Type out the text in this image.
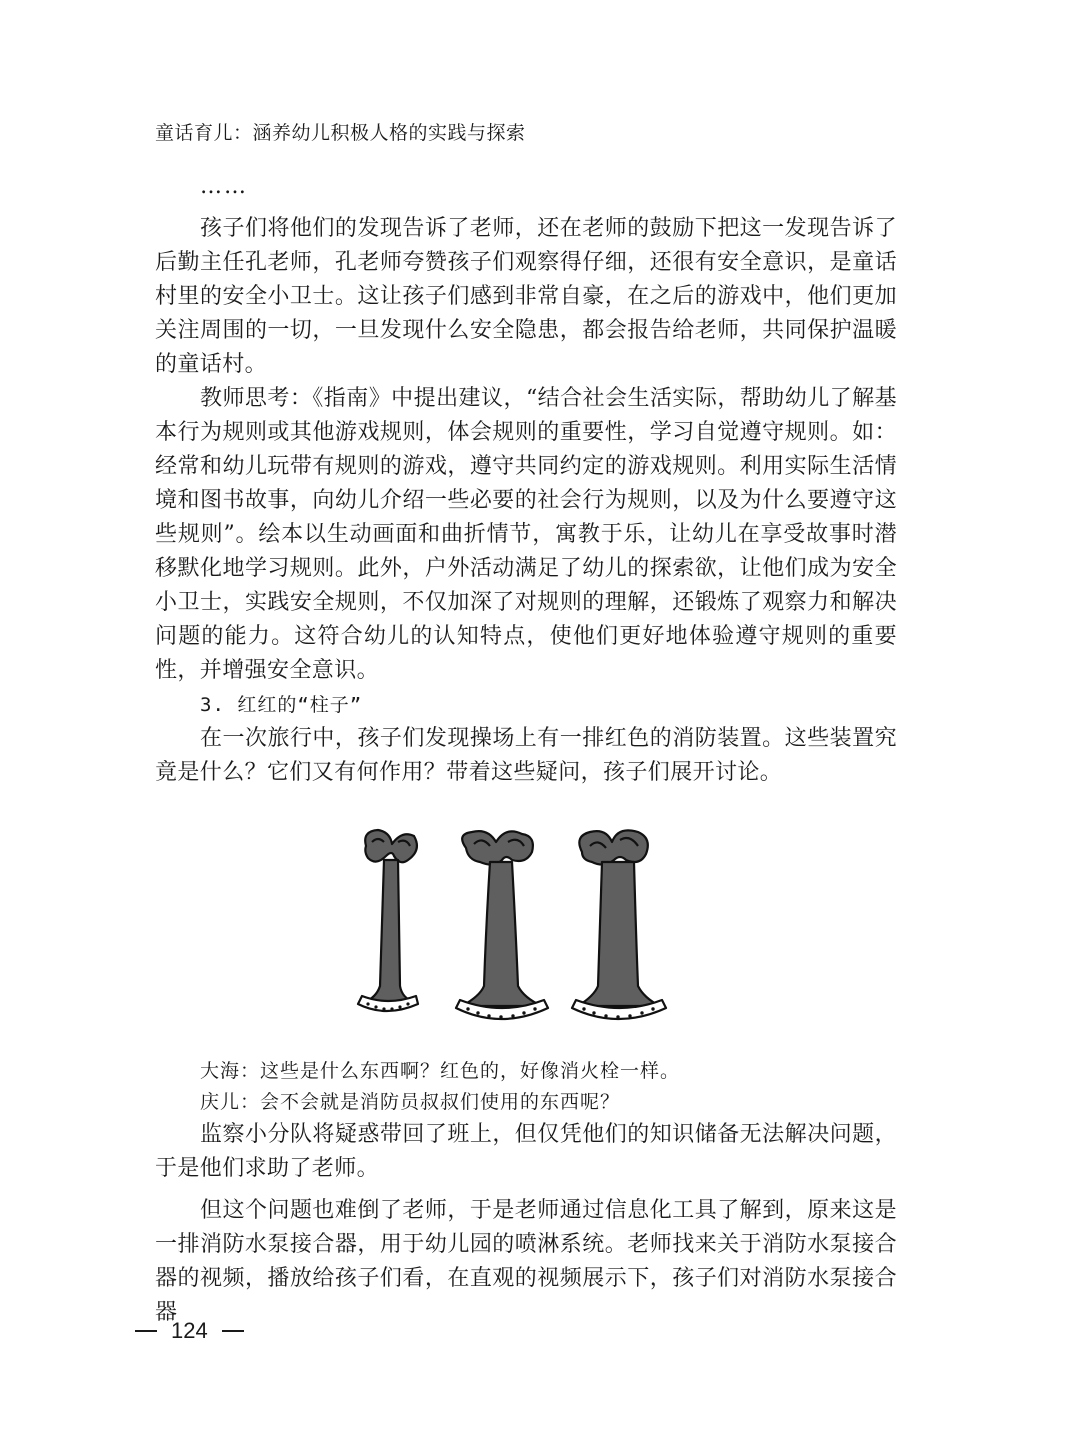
童话育儿：涵养幼儿积极人格的实践与探索

……

孩子们将他们的发现告诉了老师，还在老师的鼓励下把这一发现告诉了后勤主任孔老师，孔老师夸赞孩子们观察得仔细，还很有安全意识，是童话村里的安全小卫士。这让孩子们感到非常自豪，在之后的游戏中，他们更加关注周围的一切，一旦发现什么安全隐患，都会报告给老师，共同保护温暖的童话村。

教师思考：《指南》中提出建议，“结合社会生活实际，帮助幼儿了解基本行为规则或其他游戏规则，体会规则的重要性，学习自觉遵守规则。如：经常和幼儿玩带有规则的游戏，遵守共同约定的游戏规则。利用实际生活情境和图书故事，向幼儿介绍一些必要的社会行为规则，以及为什么要遵守这些规则”。绘本以生动画面和曲折情节，寓教于乐，让幼儿在享受故事时潜移默化地学习规则。此外，户外活动满足了幼儿的探索欲，让他们成为安全小卫士，实践安全规则，不仅加深了对规则的理解，还锻炼了观察力和解决问题的能力。这符合幼儿的认知特点，使他们更好地体验遵守规则的重要性，并增强安全意识。

3. 红红的“柱子”

在一次旅行中，孩子们发现操场上有一排红色的消防装置。这些装置究竟是什么？它们又有何作用？带着这些疑问，孩子们展开讨论。

大海：这些是什么东西啊？红色的，好像消火栓一样。

庆儿：会不会就是消防员叔叔们使用的东西呢？

监察小分队将疑惑带回了班上，但仅凭他们的知识储备无法解决问题，于是他们求助了老师。

但这个问题也难倒了老师，于是老师通过信息化工具了解到，原来这是一排消防水泵接合器，用于幼儿园的喷淋系统。老师找来关于消防水泵接合器的视频，播放给孩子们看，在直观的视频展示下，孩子们对消防水泵接合器

124
